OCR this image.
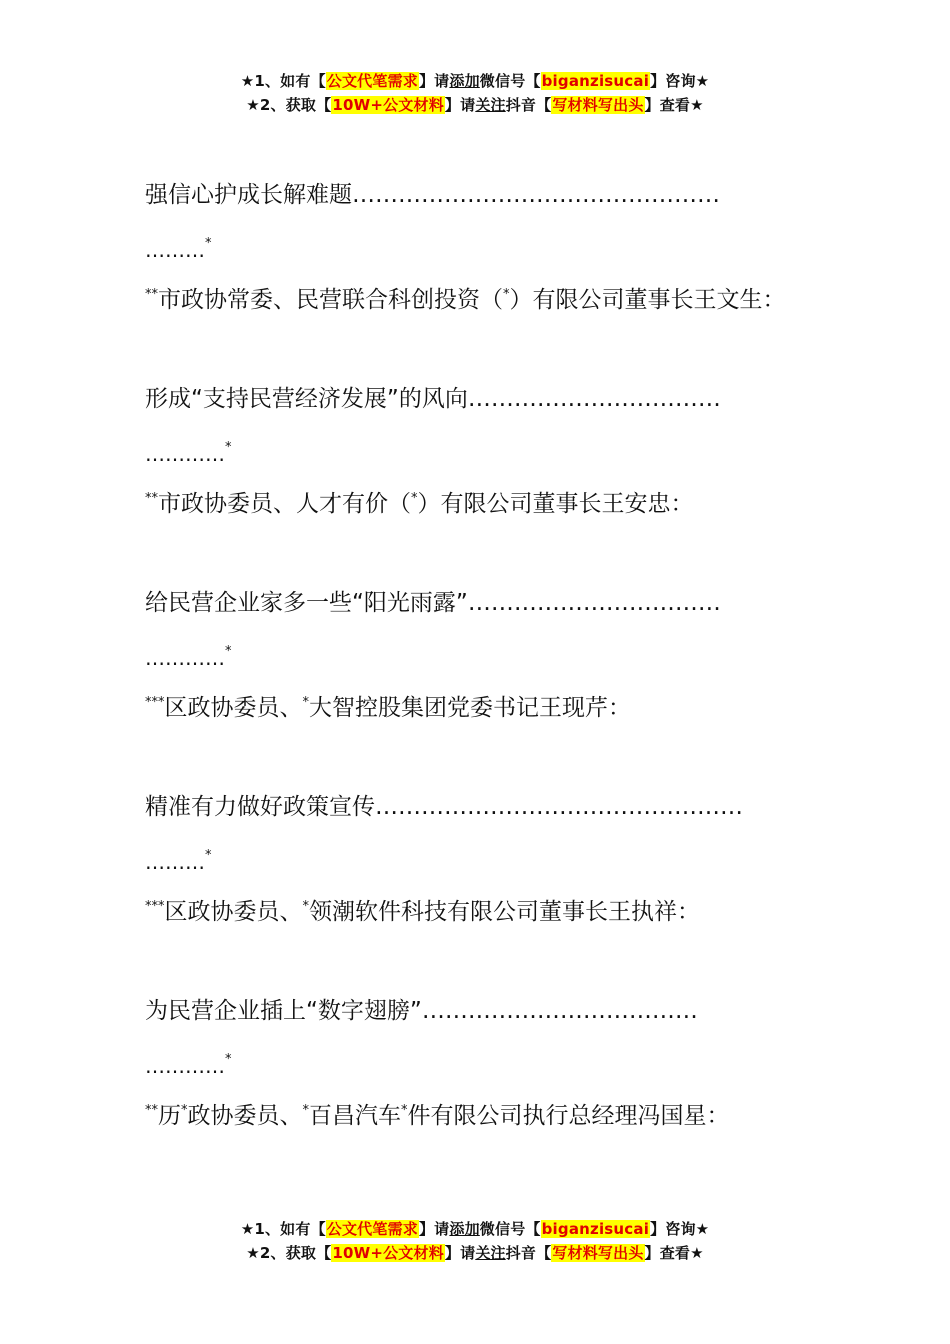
★1、如有【公文代笔需求】请添加微信号【biganzisucai】咨询★
★2、获取【10W+公文材料】请关注抖音【写材料写出头】查看★
强信心护成长解难题…………………………………………
………*
**市政协常委、民营联合科创投资（*）有限公司董事长王文生：
形成“支持民营经济发展”的风向……………………………
…………*
**市政协委员、人才有价（*）有限公司董事长王安忠：
给民营企业家多一些“阳光雨露”……………………………
…………*
***区政协委员、*大智控股集团党委书记王现芹：
精准有力做好政策宣传…………………………………………
………*
***区政协委员、*领潮软件科技有限公司董事长王执祥：
为民营企业插上“数字翅膀”………………………………
…………*
**历*政协委员、*百昌汽车*件有限公司执行总经理冯国星：
★1、如有【公文代笔需求】请添加微信号【biganzisucai】咨询★
★2、获取【10W+公文材料】请关注抖音【写材料写出头】查看★
